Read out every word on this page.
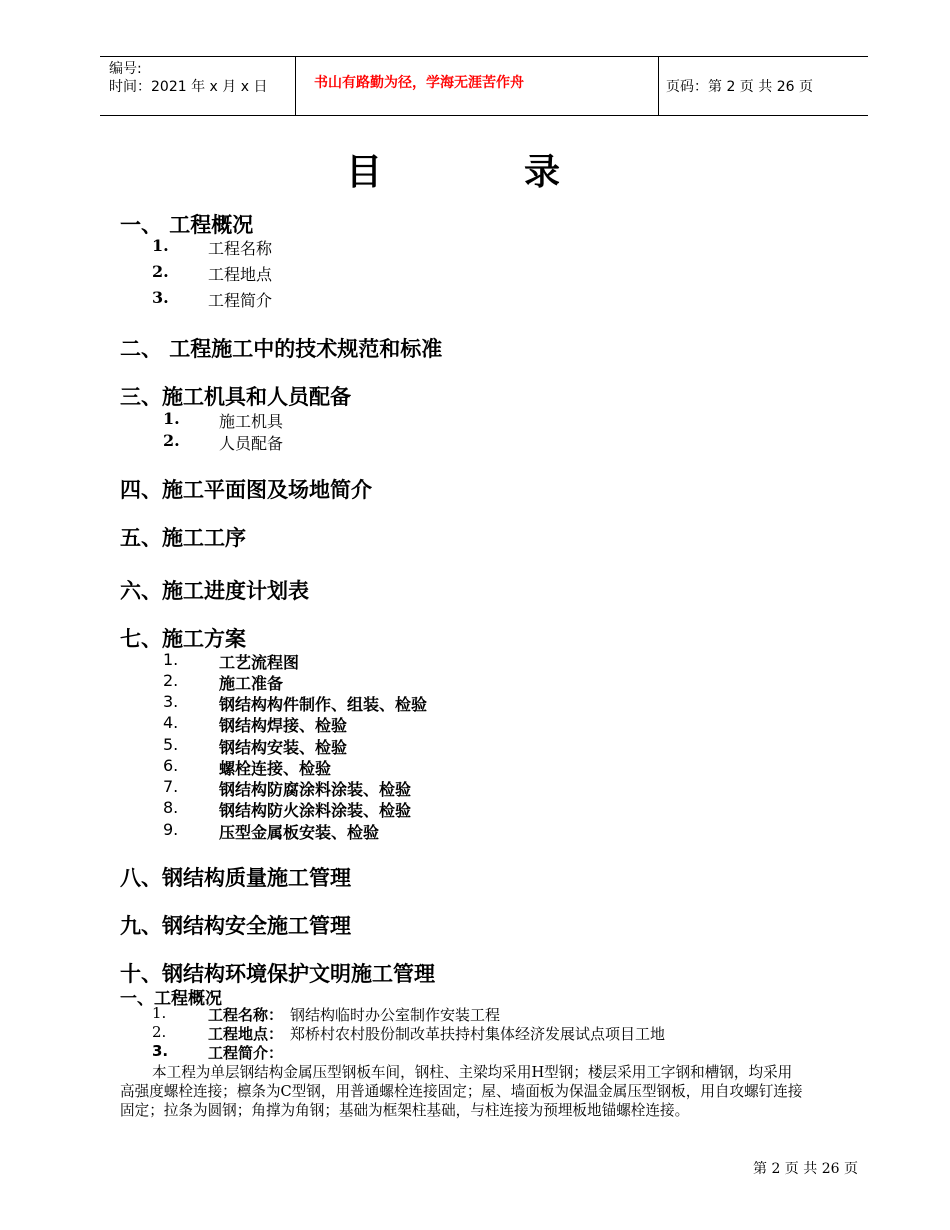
编号:
时间：2021 年 x 月 x 日	书山有路勤为径，学海无涯苦作舟	页码：第 2 页 共 26 页
目	录
一、 工程概况
1. 工程名称
2. 工程地点
3. 工程简介
二、 工程施工中的技术规范和标准
三、施工机具和人员配备
1. 施工机具
2. 人员配备
四、施工平面图及场地简介
五、施工工序
六、施工进度计划表
七、施工方案
1.	工艺流程图
2.	施工准备
3.	钢结构构件制作、组装、检验
4.	钢结构焊接、检验
5.	钢结构安装、检验
6.	螺栓连接、检验
7.	钢结构防腐涂料涂装、检验
8.	钢结构防火涂料涂装、检验
9.	压型金属板安装、检验
八、钢结构质量施工管理
九、钢结构安全施工管理
十、钢结构环境保护文明施工管理
一、工程概况
1.	工程名称： 钢结构临时办公室制作安装工程
2.	工程地点： 郑桥村农村股份制改革扶持村集体经济发展试点项目工地
3.	工程简介：
本工程为单层钢结构金属压型钢板车间，钢柱、主梁均采用H型钢；楼层采用工字钢和槽钢，均采用
高强度螺栓连接；檩条为C型钢，用普通螺栓连接固定；屋、墙面板为保温金属压型钢板，用自攻螺钉连接
固定；拉条为圆钢；角撑为角钢；基础为框架柱基础，与柱连接为预埋板地锚螺栓连接。
第 2 页 共 26 页
